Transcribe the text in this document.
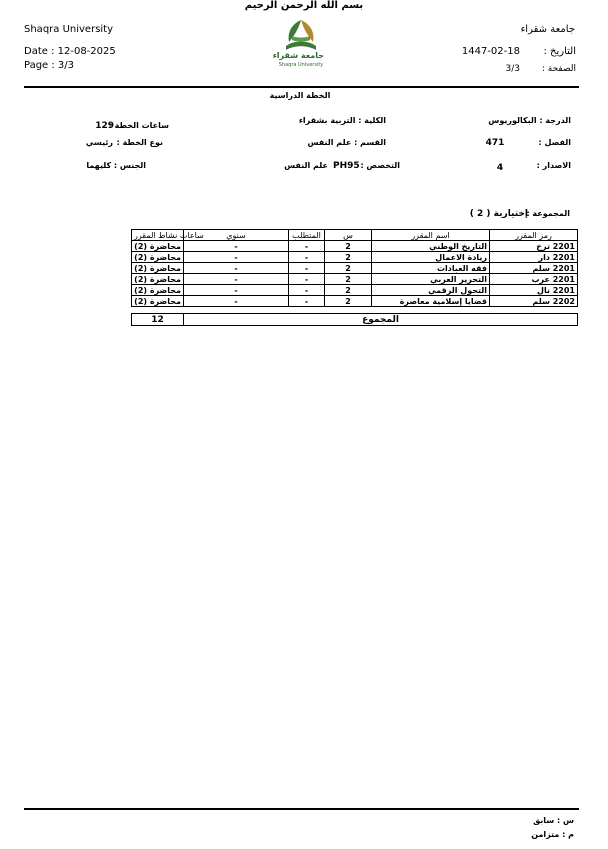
بسم الله الرحمن الرحيم
Shaqra University	جامعة شقراء
Date : 12-08-2025
Page : 3/3
التاريخ :
1447-02-18
الصفحة :
3/3
جامعة شقراء
Shaqra University
الخطة الدراسية
الدرجة : البكالوريوس
الكلية : التربية بشقراء
ساعات الخطة :
129
الفصل :
471
القسم : علم النفس
نوع الخطة :
رئيسي
الاصدار :
4
التخصص :
PH95
علم النفس
الجنس : كليهما
المجموعة :
إختيارية ( 2 )
ساعات نشاط المقرر	سنوي	المتطلب	س	اسم المقرر	رمز المقرر
محاضرة (2)	-	-	2	التاريخ الوطني	2201 ترخ
محاضرة (2)	-	-	2	ريادة الاعمال	2201 دار
محاضرة (2)	-	-	2	فقه العبادات	2201 سلم
محاضرة (2)	-	-	2	التحرير العربي	2201 عرب
محاضرة (2)	-	-	2	التحول الرقمي	2201 نال
محاضرة (2)	-	-	2	قضايا إسلامية معاصرة	2202 سلم
12	المجموع
س : سابق
م : متزامن
